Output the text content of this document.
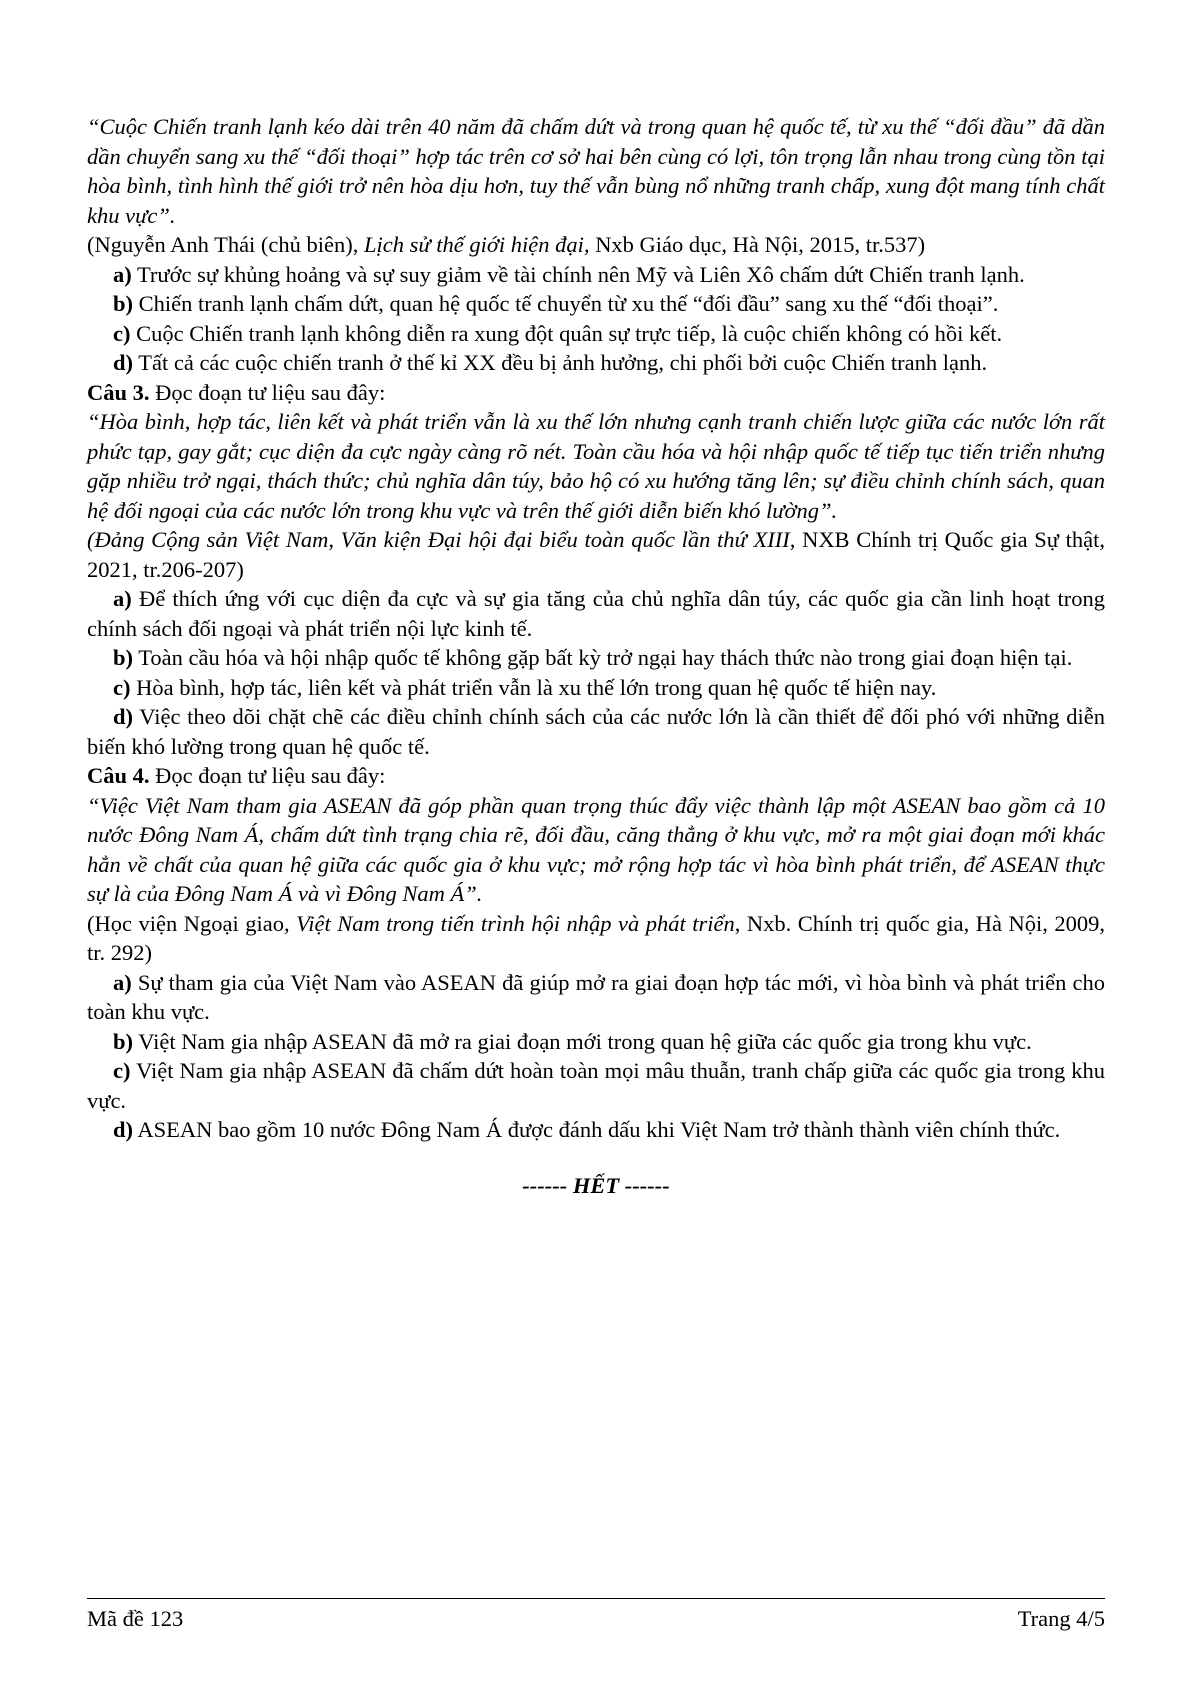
“Cuộc Chiến tranh lạnh kéo dài trên 40 năm đã chấm dứt và trong quan hệ quốc tế, từ xu thế “đối đầu” đã dần dần chuyển sang xu thế “đối thoại” hợp tác trên cơ sở hai bên cùng có lợi, tôn trọng lẫn nhau trong cùng tồn tại hòa bình, tình hình thế giới trở nên hòa dịu hơn, tuy thế vẫn bùng nổ những tranh chấp, xung đột mang tính chất khu vực”.

(Nguyễn Anh Thái (chủ biên), Lịch sử thế giới hiện đại, Nxb Giáo dục, Hà Nội, 2015, tr.537)

a) Trước sự khủng hoảng và sự suy giảm về tài chính nên Mỹ và Liên Xô chấm dứt Chiến tranh lạnh.

b) Chiến tranh lạnh chấm dứt, quan hệ quốc tế chuyển từ xu thế “đối đầu” sang xu thế “đối thoại”.

c) Cuộc Chiến tranh lạnh không diễn ra xung đột quân sự trực tiếp, là cuộc chiến không có hồi kết.

d) Tất cả các cuộc chiến tranh ở thế kỉ XX đều bị ảnh hưởng, chi phối bởi cuộc Chiến tranh lạnh.

Câu 3. Đọc đoạn tư liệu sau đây:

“Hòa bình, hợp tác, liên kết và phát triển vẫn là xu thế lớn nhưng cạnh tranh chiến lược giữa các nước lớn rất phức tạp, gay gắt; cục diện đa cực ngày càng rõ nét. Toàn cầu hóa và hội nhập quốc tế tiếp tục tiến triển nhưng gặp nhiều trở ngại, thách thức; chủ nghĩa dân túy, bảo hộ có xu hướng tăng lên; sự điều chỉnh chính sách, quan hệ đối ngoại của các nước lớn trong khu vực và trên thế giới diễn biến khó lường”.

(Đảng Cộng sản Việt Nam, Văn kiện Đại hội đại biểu toàn quốc lần thứ XIII, NXB Chính trị Quốc gia Sự thật, 2021, tr.206-207)

a) Để thích ứng với cục diện đa cực và sự gia tăng của chủ nghĩa dân túy, các quốc gia cần linh hoạt trong chính sách đối ngoại và phát triển nội lực kinh tế.

b) Toàn cầu hóa và hội nhập quốc tế không gặp bất kỳ trở ngại hay thách thức nào trong giai đoạn hiện tại.

c) Hòa bình, hợp tác, liên kết và phát triển vẫn là xu thế lớn trong quan hệ quốc tế hiện nay.

d) Việc theo dõi chặt chẽ các điều chỉnh chính sách của các nước lớn là cần thiết để đối phó với những diễn biến khó lường trong quan hệ quốc tế.

Câu 4. Đọc đoạn tư liệu sau đây:

“Việc Việt Nam tham gia ASEAN đã góp phần quan trọng thúc đẩy việc thành lập một ASEAN bao gồm cả 10 nước Đông Nam Á, chấm dứt tình trạng chia rẽ, đối đầu, căng thẳng ở khu vực, mở ra một giai đoạn mới khác hẳn về chất của quan hệ giữa các quốc gia ở khu vực; mở rộng hợp tác vì hòa bình phát triển, để ASEAN thực sự là của Đông Nam Á và vì Đông Nam Á”.

(Học viện Ngoại giao, Việt Nam trong tiến trình hội nhập và phát triển, Nxb. Chính trị quốc gia, Hà Nội, 2009, tr. 292)

a) Sự tham gia của Việt Nam vào ASEAN đã giúp mở ra giai đoạn hợp tác mới, vì hòa bình và phát triển cho toàn khu vực.

b) Việt Nam gia nhập ASEAN đã mở ra giai đoạn mới trong quan hệ giữa các quốc gia trong khu vực.

c) Việt Nam gia nhập ASEAN đã chấm dứt hoàn toàn mọi mâu thuẫn, tranh chấp giữa các quốc gia trong khu vực.

d) ASEAN bao gồm 10 nước Đông Nam Á được đánh dấu khi Việt Nam trở thành thành viên chính thức.

------ HẾT ------

Mã đề 123	Trang 4/5
